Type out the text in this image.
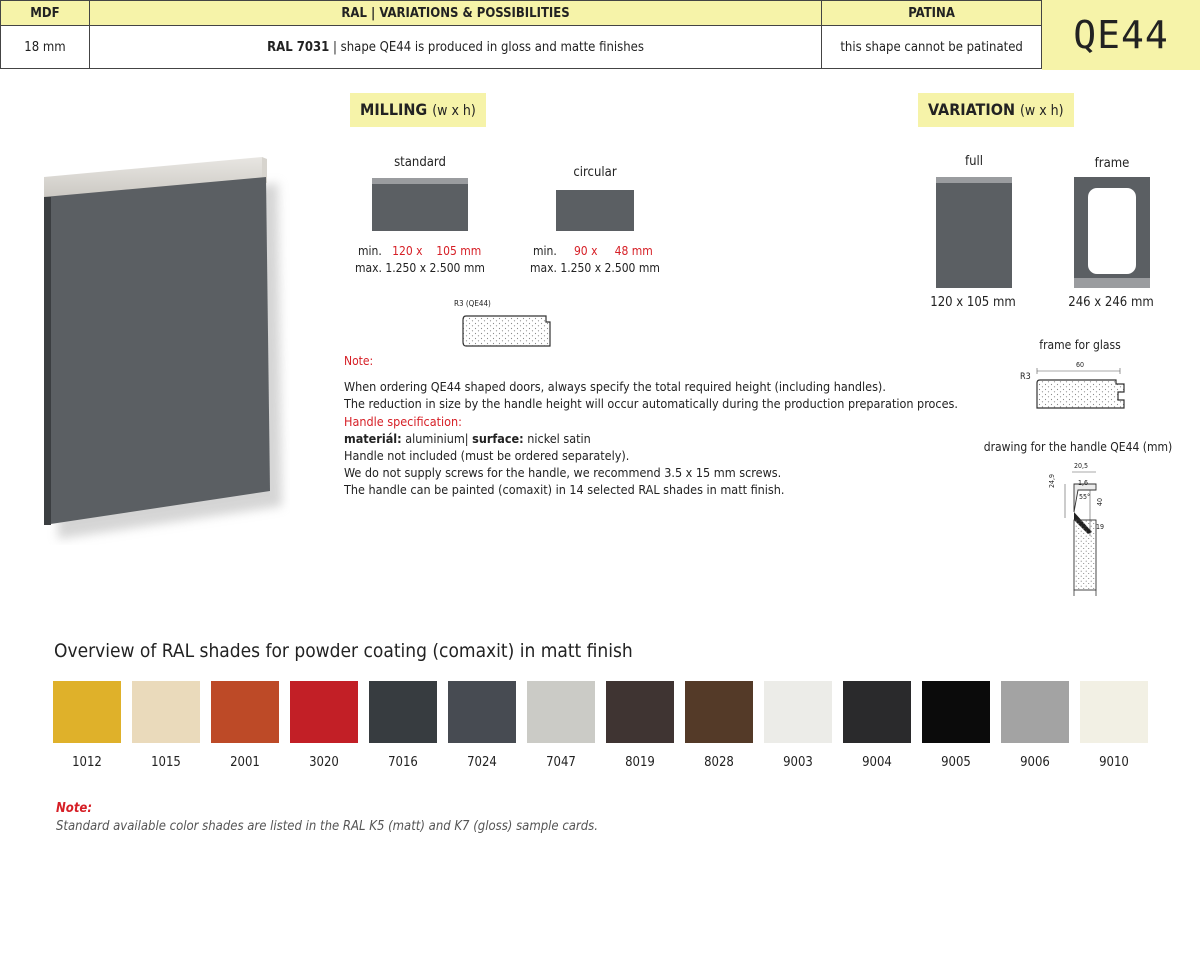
MDF	RAL | VARIATIONS & POSSIBILITIES	PATINA
18 mm	RAL 7031 | shape QE44 is produced in gloss and matte finishes	this shape cannot be patinated	QE44
MILLING (w x h)
standard
min. 120 x    105 mm
max. 1.250 x 2.500 mm
circular
min. 90 x     48 mm
max. 1.250 x 2.500 mm
R3 (QE44)
Note:
When ordering QE44 shaped doors, always specify the total required height (including handles).
The reduction in size by the handle height will occur automatically during the production preparation proces.
Handle specification:
materiál: aluminium| surface: nickel satin
Handle not included (must be ordered separately).
We do not supply screws for the handle, we recommend 3.5 x 15 mm screws.
The handle can be painted (comaxit) in 14 selected RAL shades in matt finish.
VARIATION (w x h)
full
120 x 105 mm
frame
246 x 246 mm
frame for glass
R3
60
drawing for the handle QE44 (mm)
20,5
1,6
24,9
40
55°
19
Overview of RAL shades for powder coating (comaxit) in matt finish
1012	1015	2001	3020	7016	7024	7047	8019	8028	9003	9004	9005	9006	9010
Note:
Standard available color shades are listed in the RAL K5 (matt) and K7 (gloss) sample cards.
